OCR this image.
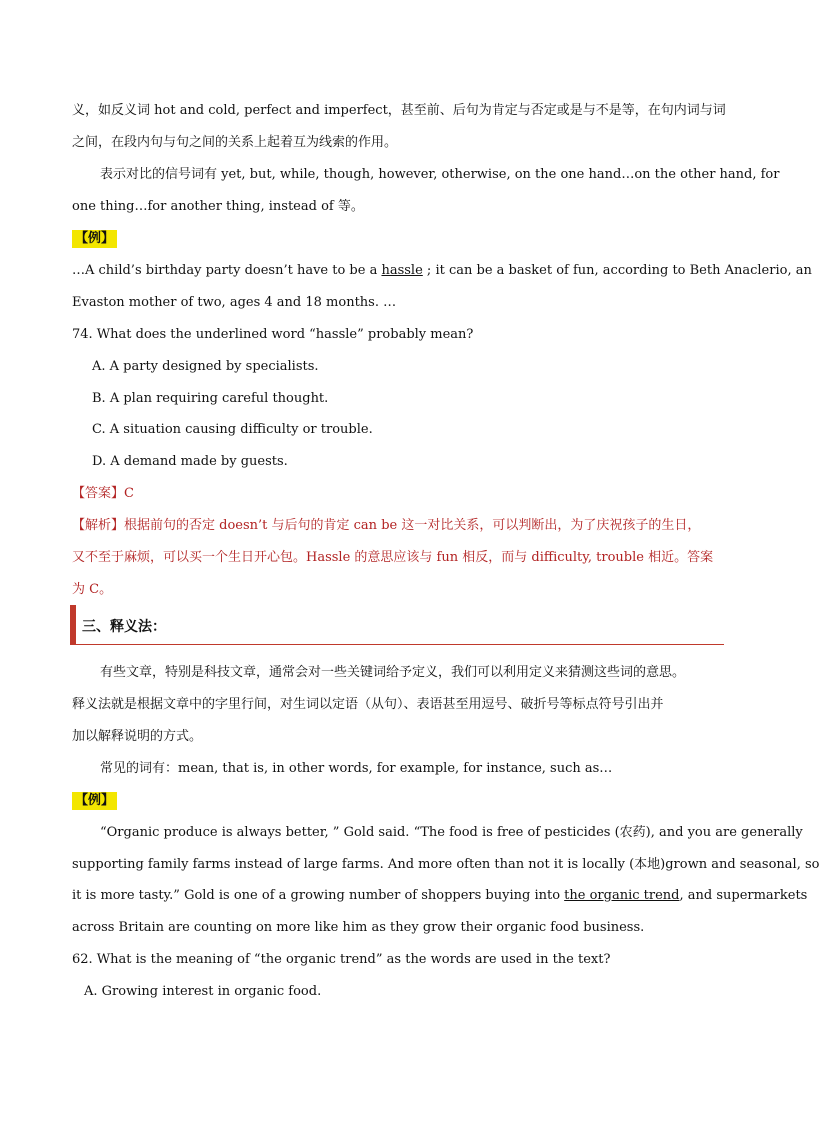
义，如反义词 hot and cold, perfect and imperfect，甚至前、后句为肯定与否定或是与不是等，在句内词与词
之间，在段内句与句之间的关系上起着互为线索的作用。
表示对比的信号词有 yet, but, while, though, however, otherwise, on the one hand…on the other hand, for
one thing…for another thing, instead of 等。
【例】
…A child’s birthday party doesn’t have to be a hassle ; it can be a basket of fun, according to Beth Anaclerio, an
Evaston mother of two, ages 4 and 18 months. …
74. What does the underlined word “hassle” probably mean?
A. A party designed by specialists.
B. A plan requiring careful thought.
C. A situation causing difficulty or trouble.
D. A demand made by guests.
【答案】C
【解析】根据前句的否定 doesn’t 与后句的肯定 can be 这一对比关系，可以判断出，为了庆祝孩子的生日，
又不至于麻烦，可以买一个生日开心包。Hassle 的意思应该与 fun 相反，而与 difficulty, trouble 相近。答案
为 C。
三、释义法：
有些文章，特别是科技文章，通常会对一些关键词给予定义，我们可以利用定义来猜测这些词的意思。
释义法就是根据文章中的字里行间，对生词以定语（从句）、表语甚至用逗号、破折号等标点符号引出并
加以解释说明的方式。
常见的词有：mean, that is, in other words, for example, for instance, such as…
【例】
“Organic produce is always better, ” Gold said. “The food is free of pesticides (农药), and you are generally
supporting family farms instead of large farms. And more often than not it is locally (本地)grown and seasonal, so
it is more tasty.” Gold is one of a growing number of shoppers buying into the organic trend, and supermarkets
across Britain are counting on more like him as they grow their organic food business.
62. What is the meaning of “the organic trend” as the words are used in the text?
A. Growing interest in organic food.
